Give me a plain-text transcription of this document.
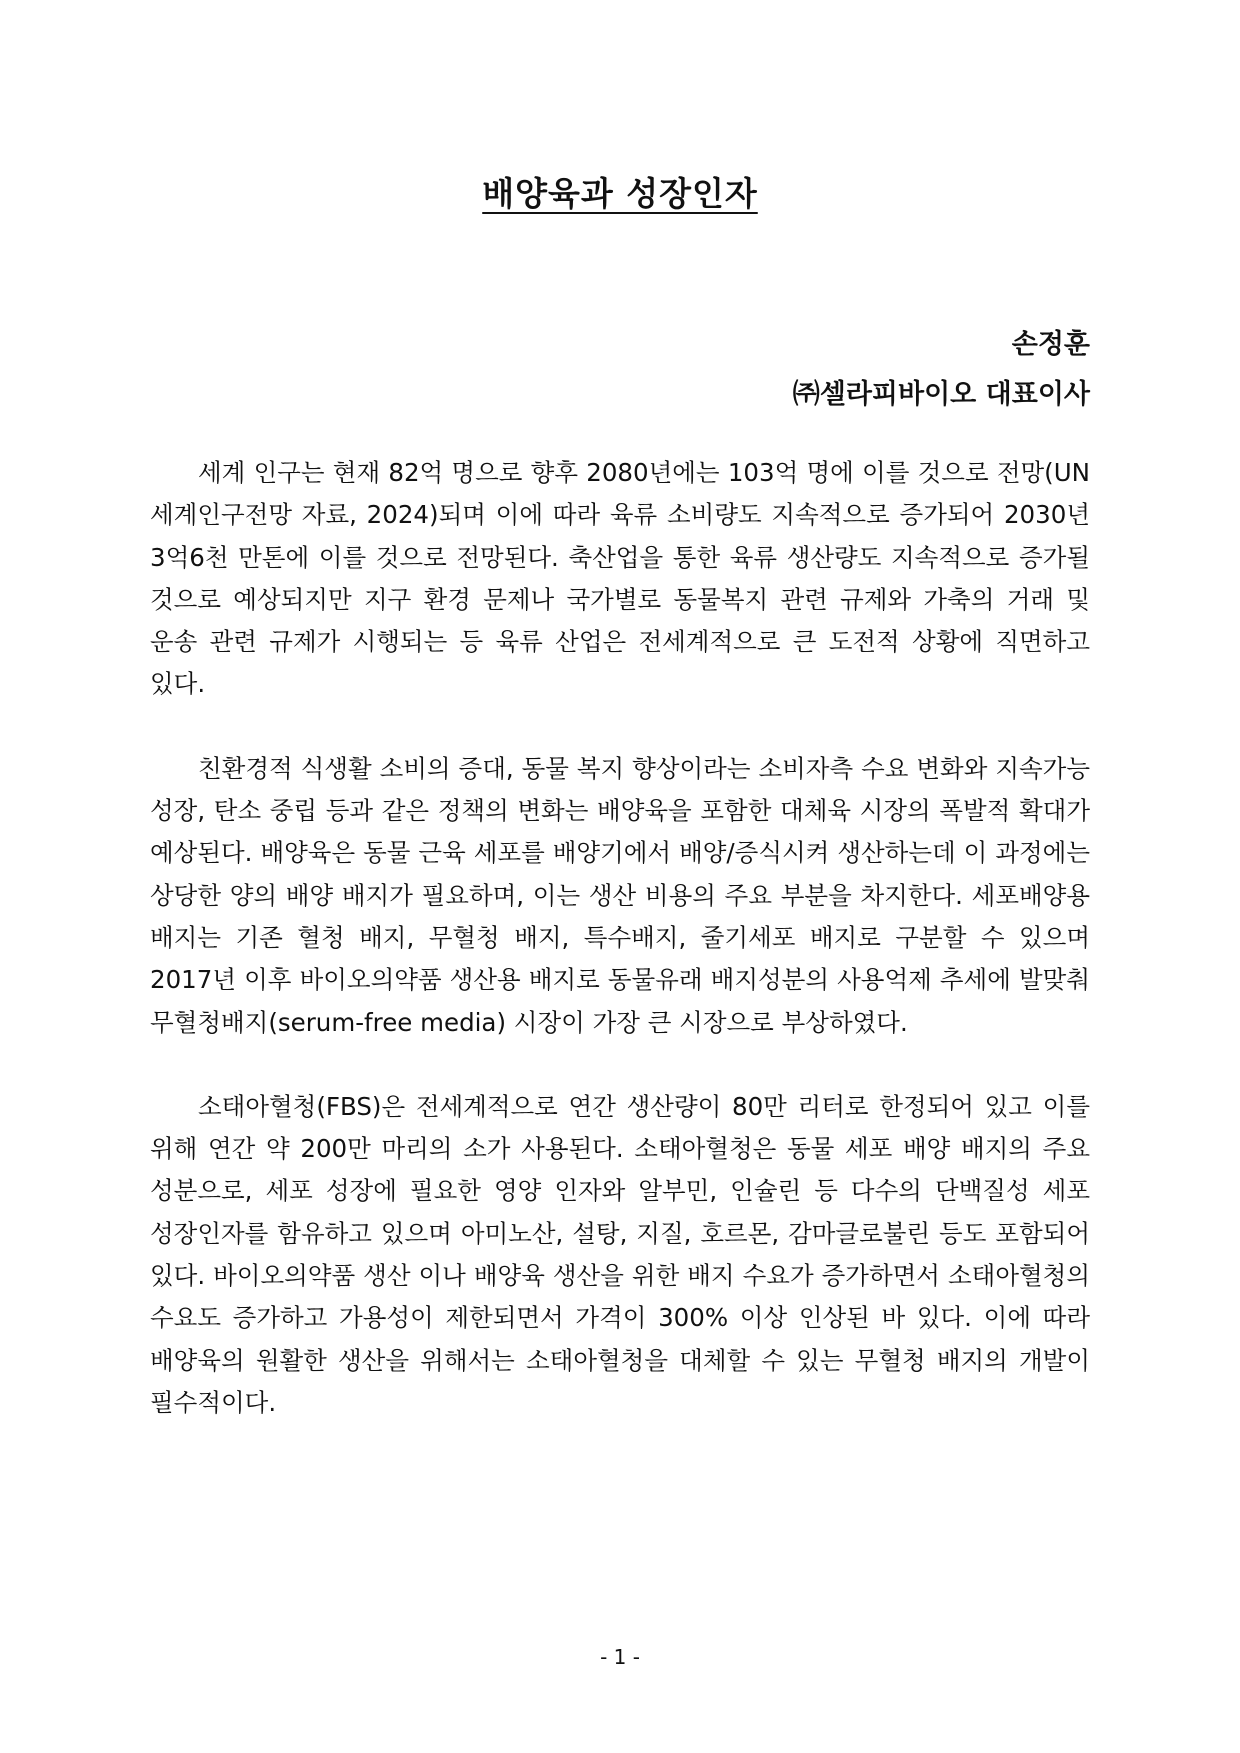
배양육과 성장인자
손정훈
㈜셀라피바이오 대표이사

세계 인구는 현재 82억 명으로 향후 2080년에는 103억 명에 이를 것으로 전망(UN 세계인구전망 자료, 2024)되며 이에 따라 육류 소비량도 지속적으로 증가되어 2030년 3억6천 만톤에 이를 것으로 전망된다. 축산업을 통한 육류 생산량도 지속적으로 증가될 것으로 예상되지만 지구 환경 문제나 국가별로 동물복지 관련 규제와 가축의 거래 및 운송 관련 규제가 시행되는 등 육류 산업은 전세계적으로 큰 도전적 상황에 직면하고 있다.

친환경적 식생활 소비의 증대, 동물 복지 향상이라는 소비자측 수요 변화와 지속가능 성장, 탄소 중립 등과 같은 정책의 변화는 배양육을 포함한 대체육 시장의 폭발적 확대가 예상된다. 배양육은 동물 근육 세포를 배양기에서 배양/증식시켜 생산하는데 이 과정에는 상당한 양의 배양 배지가 필요하며, 이는 생산 비용의 주요 부분을 차지한다. 세포배양용 배지는 기존 혈청 배지, 무혈청 배지, 특수배지, 줄기세포 배지로 구분할 수 있으며 2017년 이후 바이오의약품 생산용 배지로 동물유래 배지성분의 사용억제 추세에 발맞춰 무혈청배지(serum-free media) 시장이 가장 큰 시장으로 부상하였다.

소태아혈청(FBS)은 전세계적으로 연간 생산량이 80만 리터로 한정되어 있고 이를 위해 연간 약 200만 마리의 소가 사용된다. 소태아혈청은 동물 세포 배양 배지의 주요 성분으로, 세포 성장에 필요한 영양 인자와 알부민, 인슐린 등 다수의 단백질성 세포 성장인자를 함유하고 있으며 아미노산, 설탕, 지질, 호르몬, 감마글로불린 등도 포함되어 있다. 바이오의약품 생산 이나 배양육 생산을 위한 배지 수요가 증가하면서 소태아혈청의 수요도 증가하고 가용성이 제한되면서 가격이 300% 이상 인상된 바 있다. 이에 따라 배양육의 원활한 생산을 위해서는 소태아혈청을 대체할 수 있는 무혈청 배지의 개발이 필수적이다.

- 1 -
